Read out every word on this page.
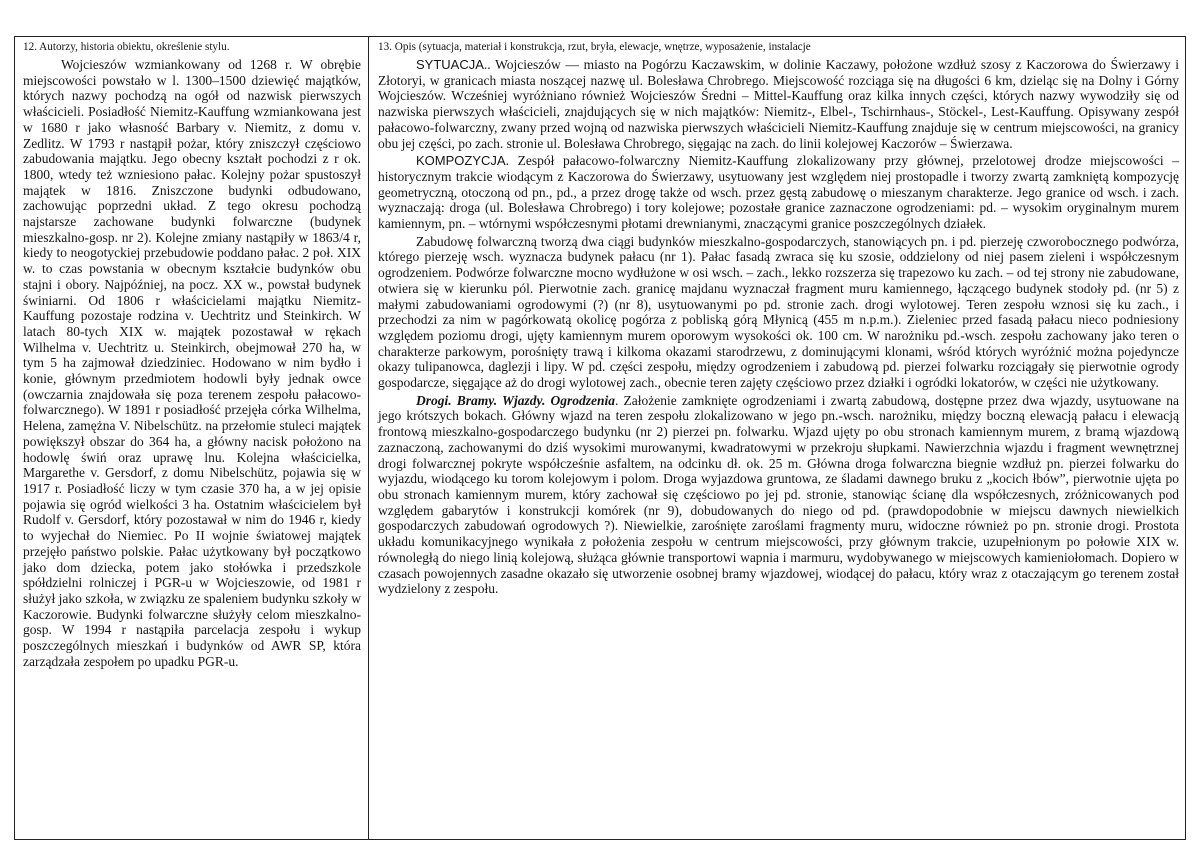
12. Autorzy, historia obiektu, określenie stylu.

Wojcieszów wzmiankowany od 1268 r. W obrębie miejscowości powstało w l. 1300–1500 dziewięć majątków, których nazwy pochodzą na ogół od nazwisk pierwszych właścicieli. Posiadłość Niemitz-Kauffung wzmiankowana jest w 1680 r jako własność Barbary v. Niemitz, z domu v. Zedlitz. W 1793 r nastąpił pożar, który zniszczył częściowo zabudowania majątku. Jego obecny kształt pochodzi z r ok. 1800, wtedy też wzniesiono pałac. Kolejny pożar spustoszył majątek w 1816. Zniszczone budynki odbudowano, zachowując poprzedni układ. Z tego okresu pochodzą najstarsze zachowane budynki folwarczne (budynek mieszkalno-gosp. nr 2). Kolejne zmiany nastąpiły w 1863/4 r, kiedy to neogotyckiej przebudowie poddano pałac. 2 poł. XIX w. to czas powstania w obecnym kształcie budynków obu stajni i obory. Najpóźniej, na pocz. XX w., powstał budynek świniarni. Od 1806 r właścicielami majątku Niemitz-Kauffung pozostaje rodzina v. Uechtritz und Steinkirch. W latach 80-tych XIX w. majątek pozostawał w rękach Wilhelma v. Uechtritz u. Steinkirch, obejmował 270 ha, w tym 5 ha zajmował dziedziniec. Hodowano w nim bydło i konie, głównym przedmiotem hodowli były jednak owce (owczarnia znajdowała się poza terenem zespołu pałacowo-folwarcznego). W 1891 r posiadłość przejęła córka Wilhelma, Helena, zamężna V. Nibelschütz. na przełomie stuleci majątek powiększył obszar do 364 ha, a główny nacisk położono na hodowlę świń oraz uprawę lnu. Kolejna właścicielka, Margarethe v. Gersdorf, z domu Nibelschütz, pojawia się w 1917 r. Posiadłość liczy w tym czasie 370 ha, a w jej opisie pojawia się ogród wielkości 3 ha. Ostatnim właścicielem był Rudolf v. Gersdorf, który pozostawał w nim do 1946 r, kiedy to wyjechał do Niemiec. Po II wojnie światowej majątek przejęło państwo polskie. Pałac użytkowany był początkowo jako dom dziecka, potem jako stołówka i przedszkole spółdzielni rolniczej i PGR-u w Wojcieszowie, od 1981 r służył jako szkoła, w związku ze spaleniem budynku szkoły w Kaczorowie. Budynki folwarczne służyły celom mieszkalno-gosp. W 1994 r nastąpiła parcelacja zespołu i wykup poszczególnych mieszkań i budynków od AWR SP, która zarządzała zespołem po upadku PGR-u.

13. Opis (sytuacja, materiał i konstrukcja, rzut, bryła, elewacje, wnętrze, wyposażenie, instalacje

SYTUACJA.. Wojcieszów — miasto na Pogórzu Kaczawskim, w dolinie Kaczawy, położone wzdłuż szosy z Kaczorowa do Świerzawy i Złotoryi, w granicach miasta noszącej nazwę ul. Bolesława Chrobrego. Miejscowość rozciąga się na długości 6 km, dzieląc się na Dolny i Górny Wojcieszów. Wcześniej wyróżniano również Wojcieszów Średni – Mittel-Kauffung oraz kilka innych części, których nazwy wywodziły się od nazwiska pierwszych właścicieli, znajdujących się w nich majątków: Niemitz-, Elbel-, Tschirnhaus-, Stöckel-, Lest-Kauffung. Opisywany zespół pałacowo-folwarczny, zwany przed wojną od nazwiska pierwszych właścicieli Niemitz-Kauffung znajduje się w centrum miejscowości, na granicy obu jej części, po zach. stronie ul. Bolesława Chrobrego, sięgając na zach. do linii kolejowej Kaczorów – Świerzawa.

KOMPOZYCJA. Zespół pałacowo-folwarczny Niemitz-Kauffung zlokalizowany przy głównej, przelotowej drodze miejscowości – historycznym trakcie wiodącym z Kaczorowa do Świerzawy, usytuowany jest względem niej prostopadle i tworzy zwartą zamkniętą kompozycję geometryczną, otoczoną od pn., pd., a przez drogę także od wsch. przez gęstą zabudowę o mieszanym charakterze. Jego granice od wsch. i zach. wyznaczają: droga (ul. Bolesława Chrobrego) i tory kolejowe; pozostałe granice zaznaczone ogrodzeniami: pd. – wysokim oryginalnym murem kamiennym, pn. – wtórnymi współczesnymi płotami drewnianymi, znaczącymi granice poszczególnych działek.

Zabudowę folwarczną tworzą dwa ciągi budynków mieszkalno-gospodarczych, stanowiących pn. i pd. pierzeję czworobocznego podwórza, którego pierzeję wsch. wyznacza budynek pałacu (nr 1). Pałac fasadą zwraca się ku szosie, oddzielony od niej pasem zieleni i współczesnym ogrodzeniem. Podwórze folwarczne mocno wydłużone w osi wsch. – zach., lekko rozszerza się trapezowo ku zach. – od tej strony nie zabudowane, otwiera się w kierunku pól. Pierwotnie zach. granicę majdanu wyznaczał fragment muru kamiennego, łączącego budynek stodoły pd. (nr 5) z małymi zabudowaniami ogrodowymi (?) (nr 8), usytuowanymi po pd. stronie zach. drogi wylotowej. Teren zespołu wznosi się ku zach., i przechodzi za nim w pagórkowatą okolicę pogórza z pobliską górą Młynicą (455 m n.p.m.). Zieleniec przed fasadą pałacu nieco podniesiony względem poziomu drogi, ujęty kamiennym murem oporowym wysokości ok. 100 cm. W narożniku pd.-wsch. zespołu zachowany jako teren o charakterze parkowym, porośnięty trawą i kilkoma okazami starodrzewu, z dominującymi klonami, wśród których wyróżnić można pojedyncze okazy tulipanowca, daglezji i lipy. W pd. części zespołu, między ogrodzeniem i zabudową pd. pierzei folwarku rozciągały się pierwotnie ogrody gospodarcze, sięgające aż do drogi wylotowej zach., obecnie teren zajęty częściowo przez działki i ogródki lokatorów, w części nie użytkowany.

Drogi. Bramy. Wjazdy. Ogrodzenia. Założenie zamknięte ogrodzeniami i zwartą zabudową, dostępne przez dwa wjazdy, usytuowane na jego krótszych bokach. Główny wjazd na teren zespołu zlokalizowano w jego pn.-wsch. narożniku, między boczną elewacją pałacu i elewacją frontową mieszkalno-gospodarczego budynku (nr 2) pierzei pn. folwarku. Wjazd ujęty po obu stronach kamiennym murem, z bramą wjazdową zaznaczoną, zachowanymi do dziś wysokimi murowanymi, kwadratowymi w przekroju słupkami. Nawierzchnia wjazdu i fragment wewnętrznej drogi folwarcznej pokryte współcześnie asfaltem, na odcinku dł. ok. 25 m. Główna droga folwarczna biegnie wzdłuż pn. pierzei folwarku do wyjazdu, wiodącego ku torom kolejowym i polom. Droga wyjazdowa gruntowa, ze śladami dawnego bruku z „kocich łbów”, pierwotnie ujęta po obu stronach kamiennym murem, który zachował się częściowo po jej pd. stronie, stanowiąc ścianę dla współczesnych, zróżnicowanych pod względem gabarytów i konstrukcji komórek (nr 9), dobudowanych do niego od pd. (prawdopodobnie w miejscu dawnych niewielkich gospodarczych zabudowań ogrodowych ?). Niewielkie, zarośnięte zaroślami fragmenty muru, widoczne również po pn. stronie drogi. Prostota układu komunikacyjnego wynikała z położenia zespołu w centrum miejscowości, przy głównym trakcie, uzupełnionym po połowie XIX w. równoległą do niego linią kolejową, służąca głównie transportowi wapnia i marmuru, wydobywanego w miejscowych kamieniołomach. Dopiero w czasach powojennych zasadne okazało się utworzenie osobnej bramy wjazdowej, wiodącej do pałacu, który wraz z otaczającym go terenem został wydzielony z zespołu.
